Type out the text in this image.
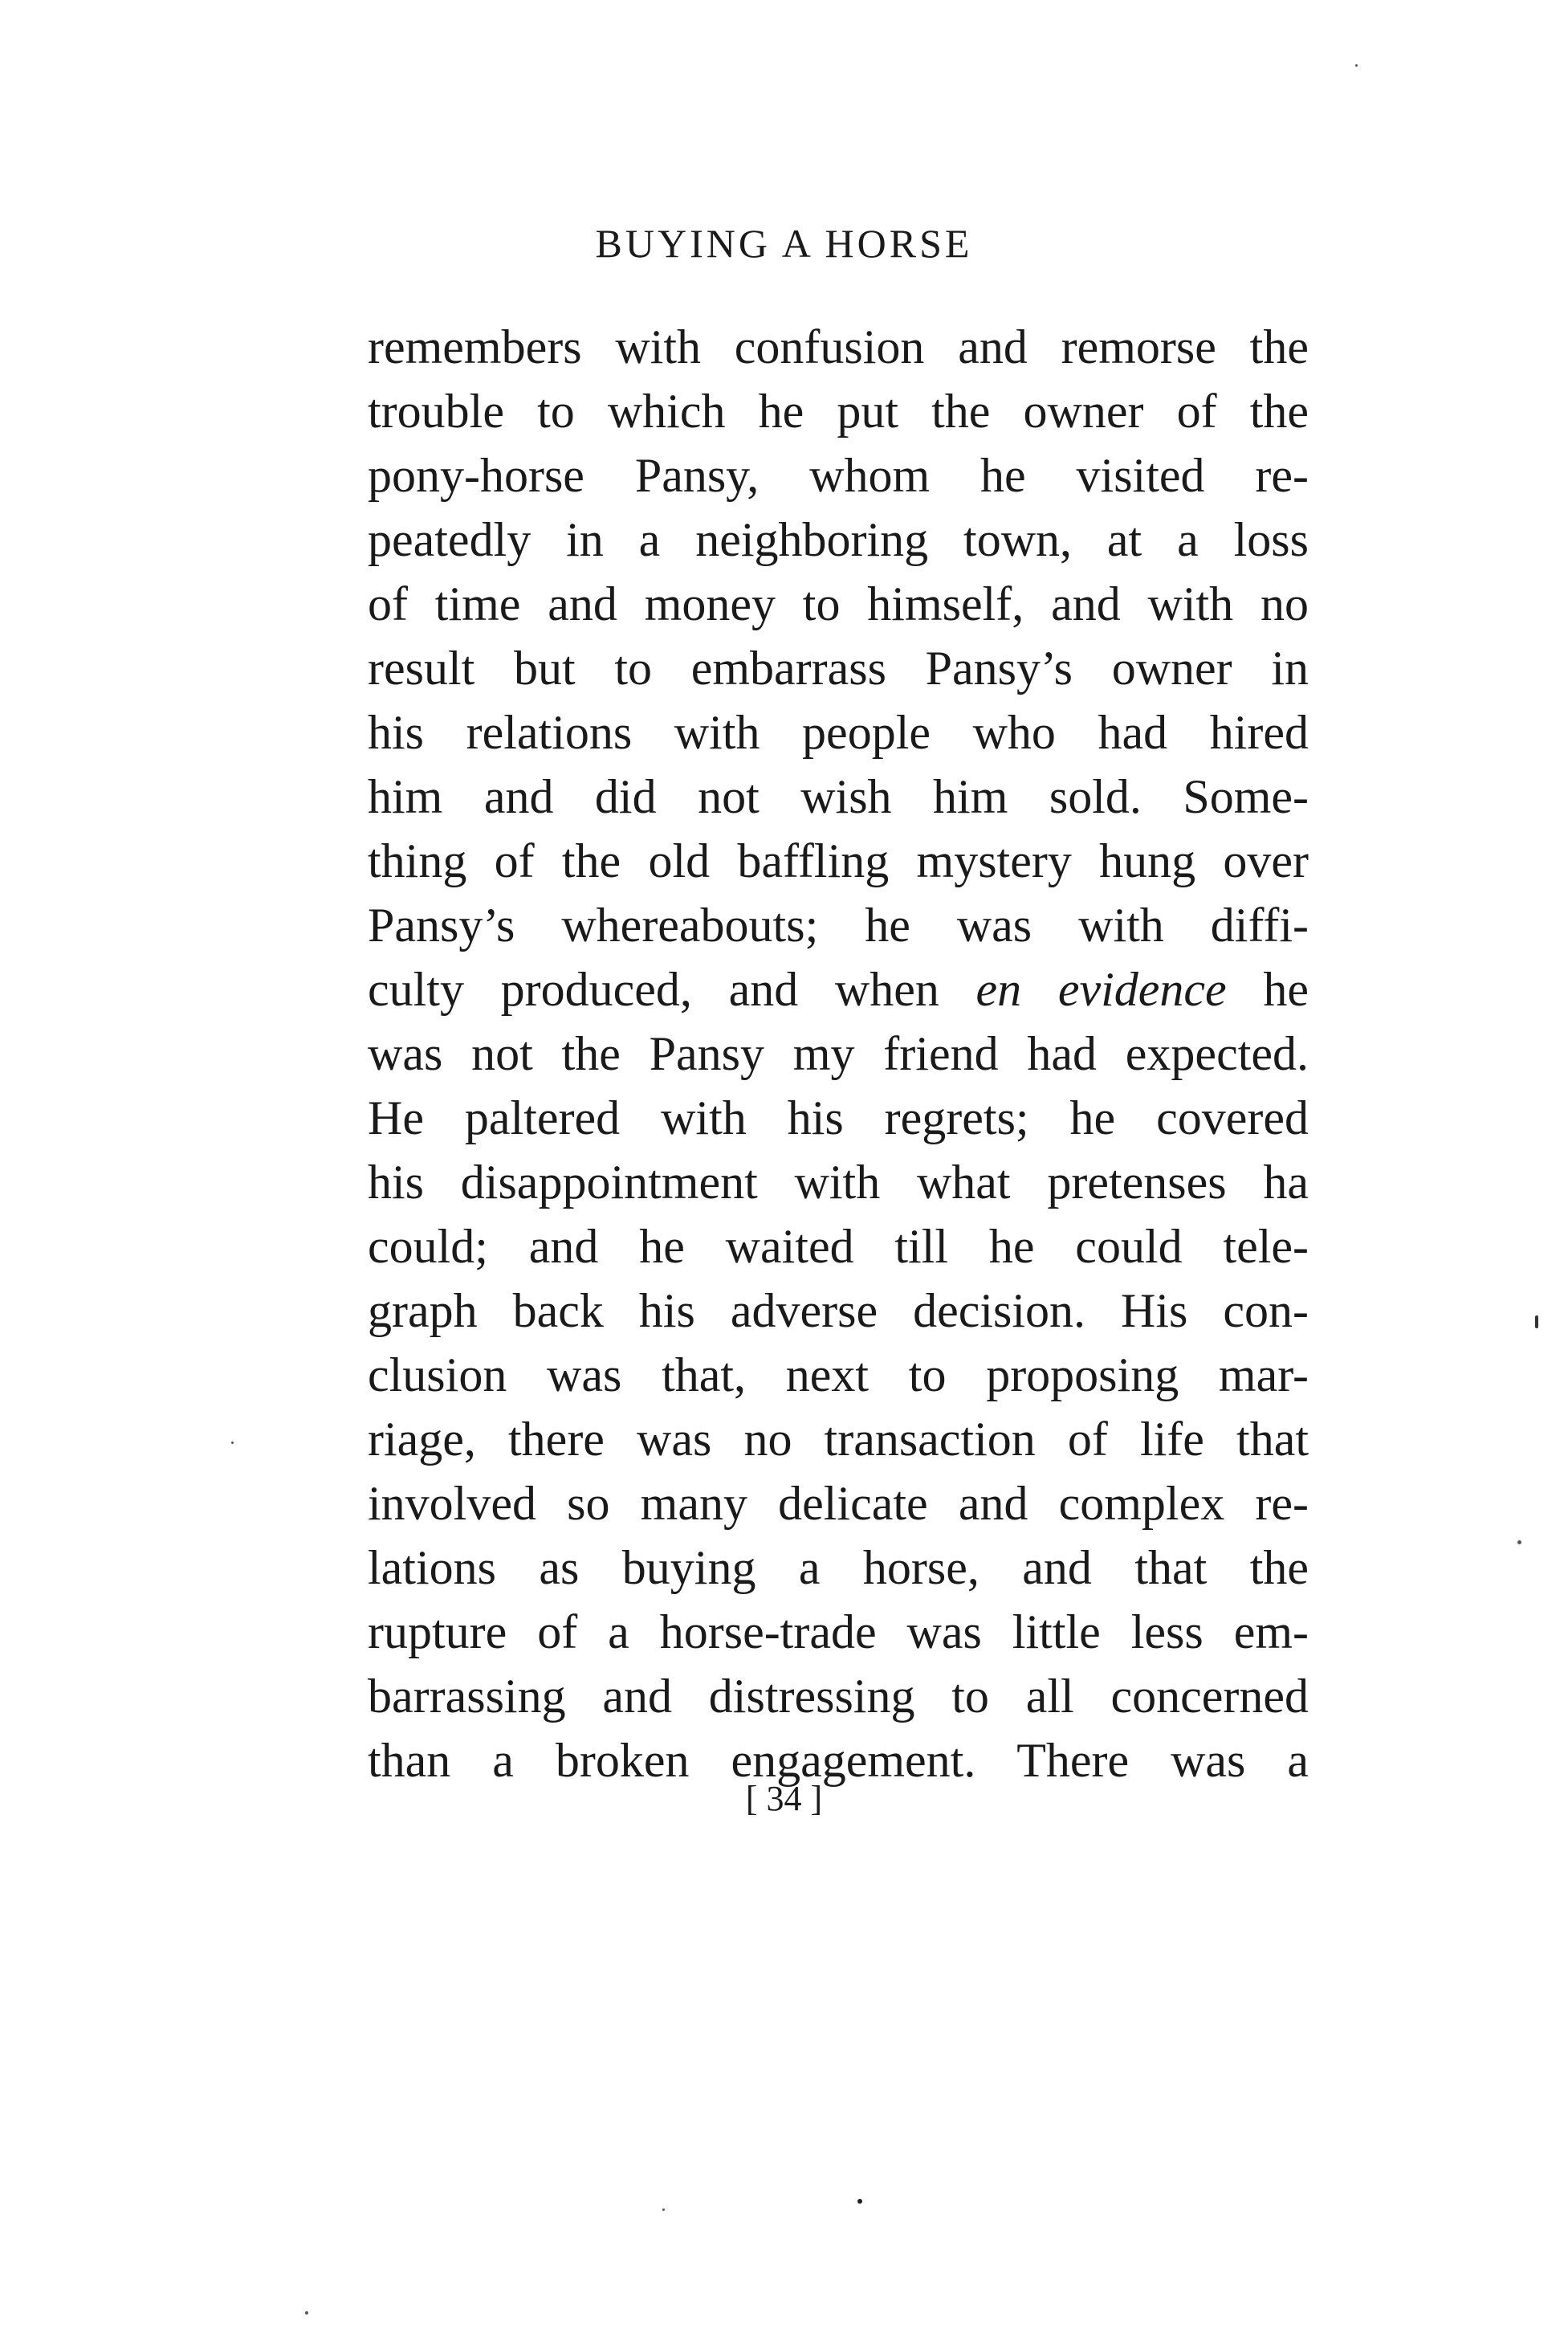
BUYING A HORSE
remembers with confusion and remorse the
trouble to which he put the owner of the
pony-horse Pansy, whom he visited re-
peatedly in a neighboring town, at a loss
of time and money to himself, and with no
result but to embarrass Pansy’s owner in
his relations with people who had hired
him and did not wish him sold. Some-
thing of the old baffling mystery hung over
Pansy’s whereabouts; he was with diffi-
culty produced, and when en evidence he
was not the Pansy my friend had expected.
He paltered with his regrets; he covered
his disappointment with what pretenses ha
could; and he waited till he could tele-
graph back his adverse decision. His con-
clusion was that, next to proposing mar-
riage, there was no transaction of life that
involved so many delicate and complex re-
lations as buying a horse, and that the
rupture of a horse-trade was little less em-
barrassing and distressing to all concerned
than a broken engagement. There was a
[ 34 ]
